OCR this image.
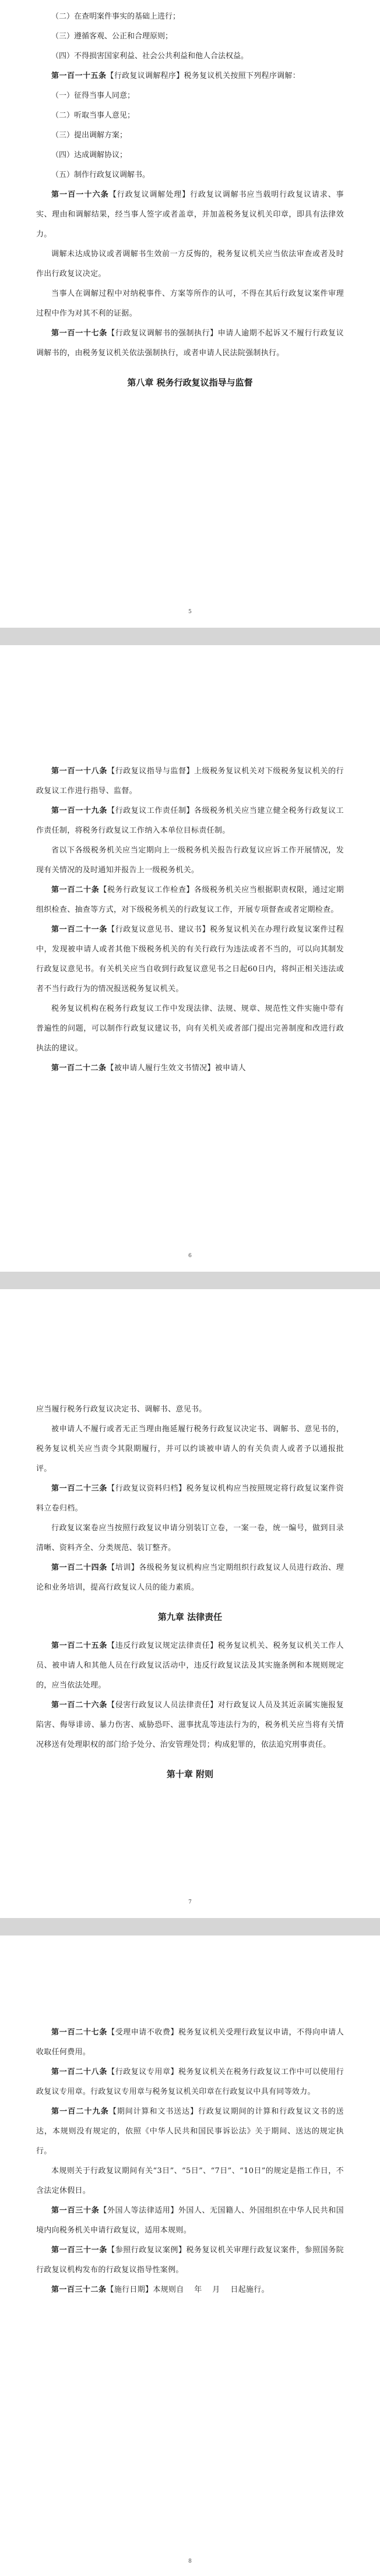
（二）在查明案件事实的基础上进行；

（三）遵循客观、公正和合理原则；

（四）不得损害国家利益、社会公共利益和他人合法权益。

第一百一十五条【行政复议调解程序】税务复议机关按照下列程序调解：

（一）征得当事人同意；

（二）听取当事人意见；

（三）提出调解方案；

（四）达成调解协议；

（五）制作行政复议调解书。

第一百一十六条【行政复议调解处理】行政复议调解书应当载明行政复议请求、事实、理由和调解结果，经当事人签字或者盖章，并加盖税务复议机关印章，即具有法律效力。

调解未达成协议或者调解书生效前一方反悔的，税务复议机关应当依法审查或者及时作出行政复议决定。

当事人在调解过程中对纳税事件、方案等所作的认可，不得在其后行政复议案件审理过程中作为对其不利的证据。

第一百一十七条【行政复议调解书的强制执行】申请人逾期不起诉又不履行行政复议调解书的，由税务复议机关依法强制执行，或者申请人民法院强制执行。

第八章 税务行政复议指导与监督
5

第一百一十八条【行政复议指导与监督】上级税务复议机关对下级税务复议机关的行政复议工作进行指导、监督。

第一百一十九条【行政复议工作责任制】各级税务机关应当建立健全税务行政复议工作责任制，将税务行政复议工作纳入本单位目标责任制。

省以下各级税务机关应当定期向上一级税务机关报告行政复议应诉工作开展情况，发现有关情况的及时通知并报告上一级税务机关。

第一百二十条【税务行政复议工作检查】各级税务机关应当根据职责权限，通过定期组织检查、抽查等方式，对下级税务机关的行政复议工作，开展专项督查或者定期检查。

第一百二十一条【行政复议意见书、建议书】税务复议机关在办理行政复议案件过程中，发现被申请人或者其他下级税务机关的有关行政行为违法或者不当的，可以向其制发行政复议意见书。有关机关应当自收到行政复议意见书之日起60日内，将纠正相关违法或者不当行政行为的情况报送税务复议机关。

税务复议机构在税务行政复议工作中发现法律、法规、规章、规范性文件实施中带有普遍性的问题，可以制作行政复议建议书，向有关机关或者部门提出完善制度和改进行政执法的建议。

第一百二十二条【被申请人履行生效文书情况】被申请人

6

应当履行税务行政复议决定书、调解书、意见书。

被申请人不履行或者无正当理由拖延履行税务行政复议决定书、调解书、意见书的，税务复议机关应当责令其限期履行，并可以约谈被申请人的有关负责人或者予以通报批评。

第一百二十三条【行政复议资料归档】税务复议机构应当按照规定将行政复议案件资料立卷归档。

行政复议案卷应当按照行政复议申请分别装订立卷，一案一卷，统一编号，做到目录清晰、资料齐全、分类规范、装订整齐。

第一百二十四条【培训】各级税务复议机构应当定期组织行政复议人员进行政治、理论和业务培训，提高行政复议人员的能力素质。

第九章 法律责任

第一百二十五条【违反行政复议规定法律责任】税务复议机关、税务复议机关工作人员、被申请人和其他人员在行政复议活动中，违反行政复议法及其实施条例和本规则规定的，应当依法处理。

第一百二十六条【侵害行政复议人员法律责任】对行政复议人员及其近亲属实施报复陷害、侮辱诽谤、暴力伤害、威胁恐吓、滋事扰乱等违法行为的，税务机关应当将有关情况移送有处理职权的部门给予处分、治安管理处罚；构成犯罪的，依法追究刑事责任。

第十章 附则
7

第一百二十七条【受理申请不收费】税务复议机关受理行政复议申请，不得向申请人收取任何费用。

第一百二十八条【行政复议专用章】税务复议机关在税务行政复议工作中可以使用行政复议专用章。行政复议专用章与税务复议机关印章在行政复议中具有同等效力。

第一百二十九条【期间计算和文书送达】行政复议期间的计算和行政复议文书的送达，本规则没有规定的，依照《中华人民共和国民事诉讼法》关于期间、送达的规定执行。

本规则关于行政复议期间有关“3日”、“5日”、“7日”、“10日”的规定是指工作日，不含法定休假日。

第一百三十条【外国人等法律适用】外国人、无国籍人、外国组织在中华人民共和国境内向税务机关申请行政复议，适用本规则。

第一百三十一条【参照行政复议案例】税务复议机关审理行政复议案件，参照国务院行政复议机构发布的行政复议指导性案例。

第一百三十二条【施行日期】本规则自    年    月    日起施行。

8
